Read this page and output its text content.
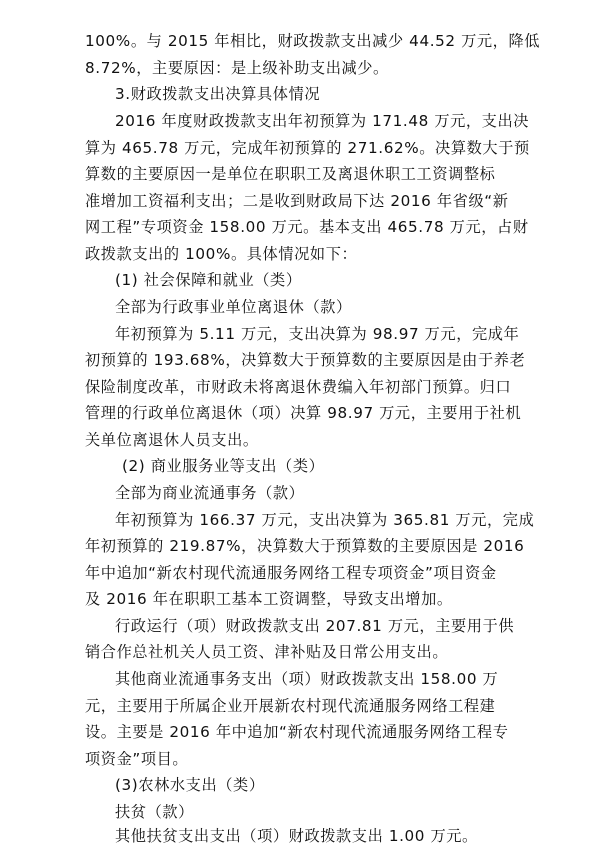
100%。与 2015 年相比，财政拨款支出减少 44.52 万元，降低
8.72%，主要原因：是上级补助支出减少。
3.财政拨款支出决算具体情况
2016 年度财政拨款支出年初预算为 171.48 万元，支出决
算为 465.78 万元，完成年初预算的 271.62%。决算数大于预
算数的主要原因一是单位在职职工及离退休职工工资调整标
准增加工资福利支出；二是收到财政局下达 2016 年省级“新
网工程”专项资金 158.00 万元。基本支出 465.78 万元，占财
政拨款支出的 100%。具体情况如下：
(1) 社会保障和就业（类）
全部为行政事业单位离退休（款）
年初预算为 5.11 万元，支出决算为 98.97 万元，完成年
初预算的 193.68%，决算数大于预算数的主要原因是由于养老
保险制度改革，市财政未将离退休费编入年初部门预算。归口
管理的行政单位离退休（项）决算 98.97 万元，主要用于社机
关单位离退休人员支出。
(2) 商业服务业等支出（类）
全部为商业流通事务（款）
年初预算为 166.37 万元，支出决算为 365.81 万元，完成
年初预算的 219.87%，决算数大于预算数的主要原因是 2016
年中追加“新农村现代流通服务网络工程专项资金”项目资金
及 2016 年在职职工基本工资调整，导致支出增加。
行政运行（项）财政拨款支出 207.81 万元，主要用于供
销合作总社机关人员工资、津补贴及日常公用支出。
其他商业流通事务支出（项）财政拨款支出 158.00 万
元，主要用于所属企业开展新农村现代流通服务网络工程建
设。主要是 2016 年中追加“新农村现代流通服务网络工程专
项资金”项目。
(3)农林水支出（类）
扶贫（款）
其他扶贫支出支出（项）财政拨款支出 1.00 万元。
